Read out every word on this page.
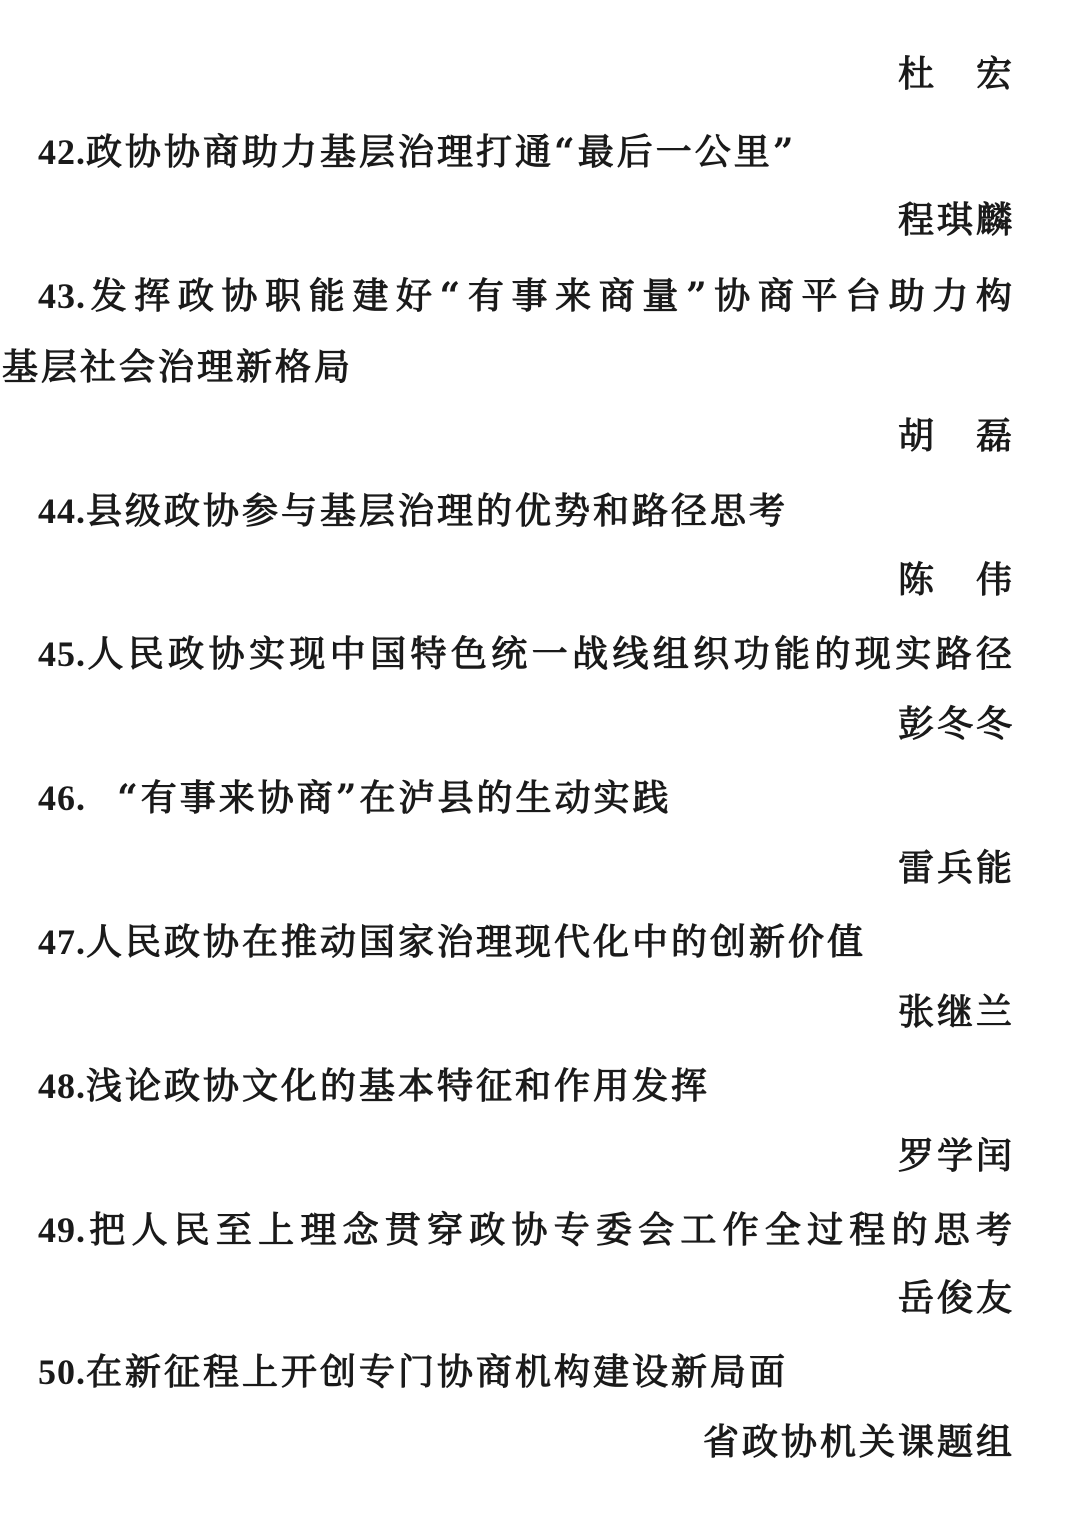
杜　宏
42.政协协商助力基层治理打通“最后一公里”
程琪麟
43.发挥政协职能建好“有事来商量”协商平台助力构
基层社会治理新格局
胡　磊
44.县级政协参与基层治理的优势和路径思考
陈　伟
45.人民政协实现中国特色统一战线组织功能的现实路径
彭冬冬
46. “有事来协商”在泸县的生动实践
雷兵能
47.人民政协在推动国家治理现代化中的创新价值
张继兰
48.浅论政协文化的基本特征和作用发挥
罗学闰
49.把人民至上理念贯穿政协专委会工作全过程的思考
岳俊友
50.在新征程上开创专门协商机构建设新局面
省政协机关课题组
